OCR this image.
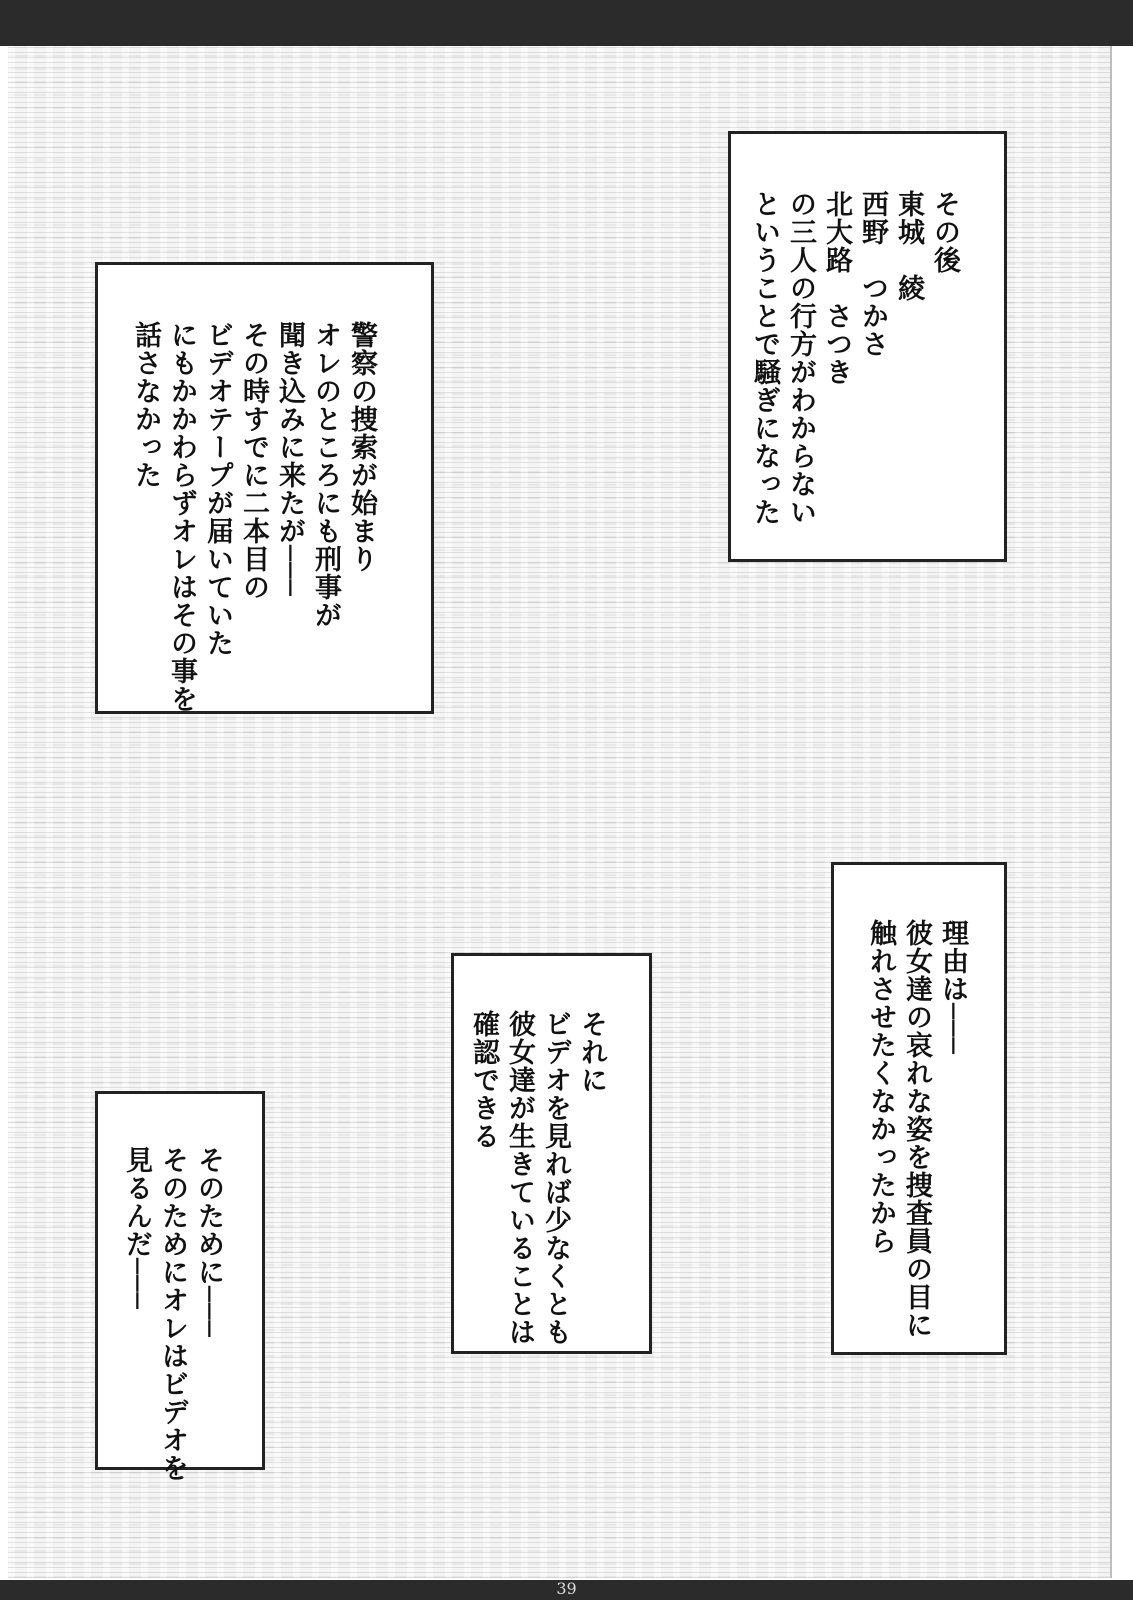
その後
東城　綾
西野　つかさ
北大路　さつき
の三人の行方がわからない
ということで騒ぎになった
警察の捜索が始まり
オレのところにも刑事が
聞き込みに来たが───
その時すでに二本目の
ビデオテープが届いていた
にもかかわらずオレはその事を
話さなかった
理由は───
彼女達の哀れな姿を捜査員の目に
触れさせたくなかったから
それに
ビデオを見れば少なくとも
彼女達が生きていることは
確認できる
そのために───
そのためにオレはビデオを
見るんだ───
39
